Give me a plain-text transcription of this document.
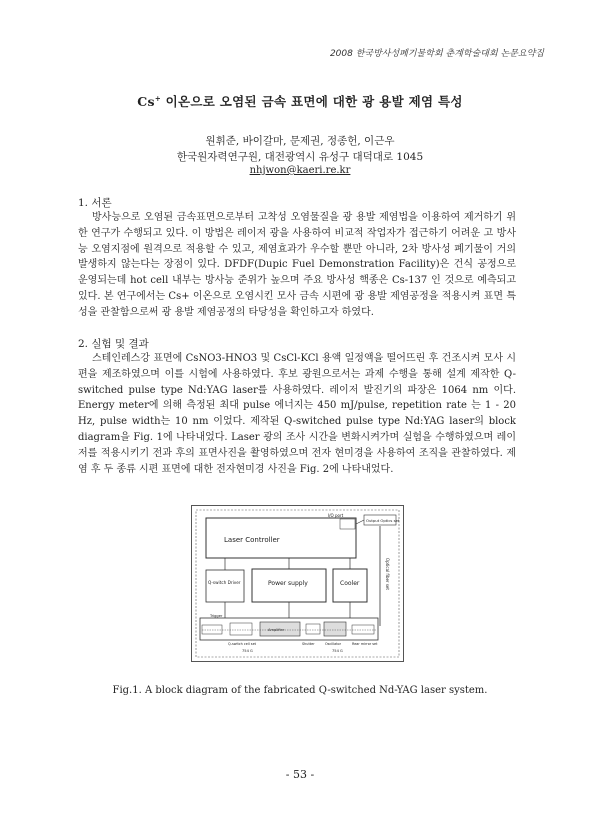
2008 한국방사성폐기물학회 춘계학술대회 논문요약집
Cs+ 이온으로 오염된 금속 표면에 대한 광 용발 제염 특성
원휘준, 바이갈마, 문제권, 정종헌, 이근우
한국원자력연구원, 대전광역시 유성구 대덕대로 1045
nhjwon@kaeri.re.kr
1. 서론

방사능으로 오염된 금속표면으로부터 고착성 오염물질을 광 용발 제염법을 이용하여 제거하기 위한 연구가 수행되고 있다. 이 방법은 레이저 광을 사용하여 비교적 작업자가 접근하기 어려운 고 방사능 오염지점에 원격으로 적용할 수 있고, 제염효과가 우수할 뿐만 아니라, 2차 방사성 폐기물이 거의 발생하지 않는다는 장점이 있다. DFDF(Dupic Fuel Demonstration Facility)은 건식 공정으로 운영되는데 hot cell 내부는 방사능 준위가 높으며 주요 방사성 핵종은 Cs-137 인 것으로 예측되고 있다. 본 연구에서는 Cs+ 이온으로 오염시킨 모사 금속 시편에 광 용발 제염공정을 적용시켜 표면 특성을 관찰함으로써 광 용발 제염공정의 타당성을 확인하고자 하였다.

2. 실험 및 결과

스테인레스강 표면에 CsNO3-HNO3 및 CsCl-KCl 용액 일정액을 떨어뜨린 후 건조시켜 모사 시편을 제조하였으며 이를 시험에 사용하였다. 후보 광원으로서는 과제 수행을 통해 설계 제작한 Q-switched pulse type Nd:YAG laser를 사용하였다. 레이저 발진기의 파장은 1064 nm 이다. Energy meter에 의해 측정된 최대 pulse 에너지는 450 mJ/pulse, repetition rate 는 1 - 20 Hz, pulse width는 10 nm 이었다. 제작된 Q-switched pulse type Nd:YAG laser의 block diagram을 Fig. 1에 나타내었다. Laser 광의 조사 시간을 변화시켜가며 실험을 수행하였으며 레이저를 적용시키기 전과 후의 표면사진을 촬영하였으며 전자 현미경을 사용하여 조직을 관찰하였다. 제염 후 두 종류 시편 표면에 대한 전자현미경 사진을 Fig. 2에 나타내었다.

Laser Controller
I/O port
Output Optics set
Q-switch Driver	Power supply	Cooler	Optical fiber set
Trigger
Q-switch cell set
Amplifier
Shutter	Oscillator	Rear mirror set
754 G	754 G
Fig.1. A block diagram of the fabricated Q-switched Nd-YAG laser system.
- 53 -
